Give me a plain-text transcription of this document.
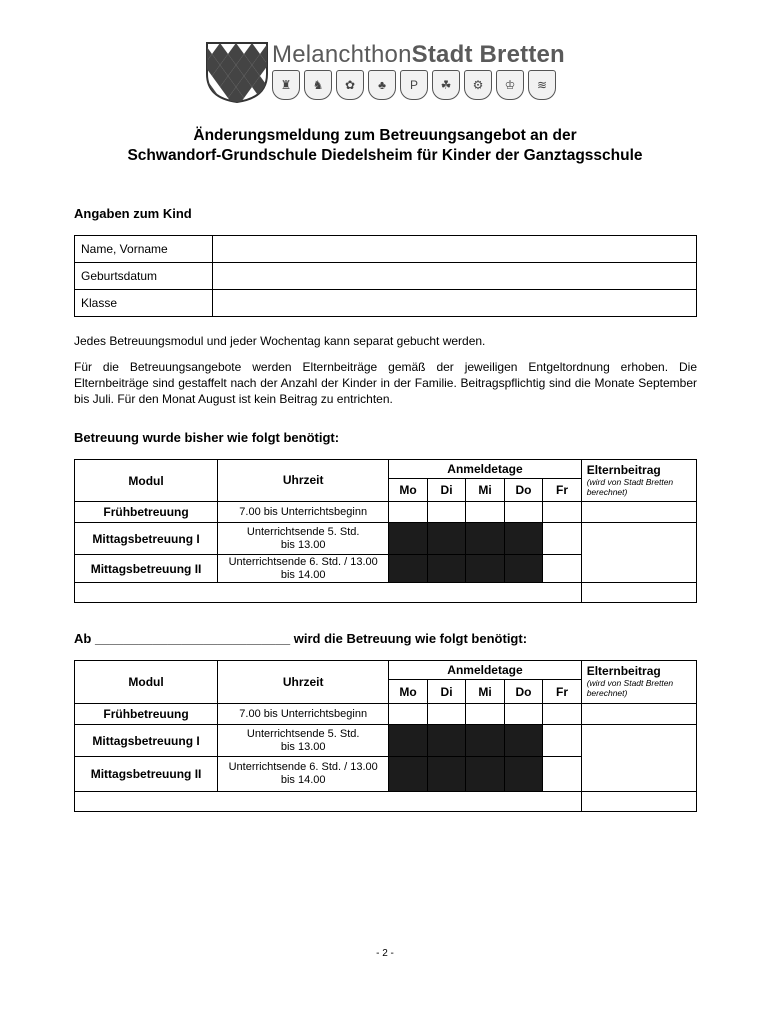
MelanchthonStadt Bretten
♜	♞	✿	♣	P	☘	⚙	♔	≋
Änderungsmeldung zum Betreuungsangebot an der
Schwandorf-Grundschule Diedelsheim für Kinder der Ganztagsschule
Angaben zum Kind
Name, Vorname	
Geburtsdatum	
Klasse	
Jedes Betreuungsmodul und jeder Wochentag kann separat gebucht werden.
Für die Betreuungsangebote werden Elternbeiträge gemäß der jeweiligen Entgeltordnung erhoben. Die Elternbeiträge sind gestaffelt nach der Anzahl der Kinder in der Familie. Beitragspflichtig sind die Monate September bis Juli. Für den Monat August ist kein Beitrag zu entrichten.
Betreuung wurde bisher wie folgt benötigt:
Modul	Uhrzeit	Anmeldetage					Elternbeitrag
(wird von Stadt Bretten berechnet)

		Mo	Di	Mi	Do	Fr	
Frühbetreuung	7.00 bis Unterrichtsbeginn						
Mittagsbetreuung I	Unterrichtsende 5. Std.
bis 13.00						
Mittagsbetreuung II	Unterrichtsende 6. Std. / 13.00
bis 14.00						

Ab ___________________________ wird die Betreuung wie folgt benötigt:
Modul	Uhrzeit	Anmeldetage					Elternbeitrag
(wird von Stadt Bretten berechnet)

		Mo	Di	Mi	Do	Fr	
Frühbetreuung	7.00 bis Unterrichtsbeginn						
Mittagsbetreuung I	Unterrichtsende 5. Std.
bis 13.00						
Mittagsbetreuung II	Unterrichtsende 6. Std. / 13.00
bis 14.00						

- 2 -
